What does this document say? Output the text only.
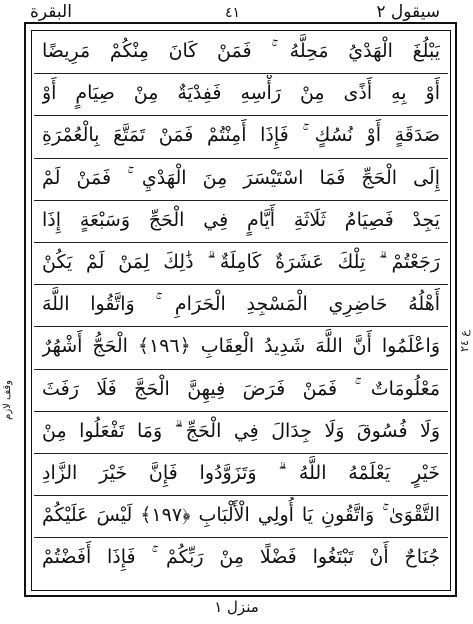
البقرة	٤١	سيقول ٢
يَبْلُغَ الْهَدْيُ مَحِلَّهُ ۚ فَمَنْ كَانَ مِنْكُمْ مَرِيضًا
أَوْ بِهِ أَذًى مِنْ رَأْسِهِ فَفِدْيَةٌ مِنْ صِيَامٍ أَوْ
صَدَقَةٍ أَوْ نُسُكٍ ۚ فَإِذَا أَمِنْتُمْ فَمَنْ تَمَتَّعَ بِالْعُمْرَةِ
إِلَى الْحَجِّ فَمَا اسْتَيْسَرَ مِنَ الْهَدْيِ ۚ فَمَنْ لَمْ
يَجِدْ فَصِيَامُ ثَلَاثَةِ أَيَّامٍ فِي الْحَجِّ وَسَبْعَةٍ إِذَا
رَجَعْتُمْ ۗ تِلْكَ عَشَرَةٌ كَامِلَةٌ ۗ ذَٰلِكَ لِمَنْ لَمْ يَكُنْ
أَهْلُهُ حَاضِرِي الْمَسْجِدِ الْحَرَامِ ۚ وَاتَّقُوا اللَّهَ
وَاعْلَمُوا أَنَّ اللَّهَ شَدِيدُ الْعِقَابِ ﴿١٩٦﴾ الْحَجُّ أَشْهُرٌ
مَعْلُومَاتٌ ۚ فَمَنْ فَرَضَ فِيهِنَّ الْحَجَّ فَلَا رَفَثَ
وَلَا فُسُوقَ وَلَا جِدَالَ فِي الْحَجِّ ۗ وَمَا تَفْعَلُوا مِنْ
خَيْرٍ يَعْلَمْهُ اللَّهُ ۗ وَتَزَوَّدُوا فَإِنَّ خَيْرَ الزَّادِ
التَّقْوَىٰ ۚ وَاتَّقُونِ يَا أُولِي الْأَلْبَابِ ﴿١٩٧﴾ لَيْسَ عَلَيْكُمْ
جُنَاحٌ أَنْ تَبْتَغُوا فَضْلًا مِنْ رَبِّكُمْ ۚ فَإِذَا أَفَضْتُمْ
ع ٢٤
وقف لازم
منزل ١
